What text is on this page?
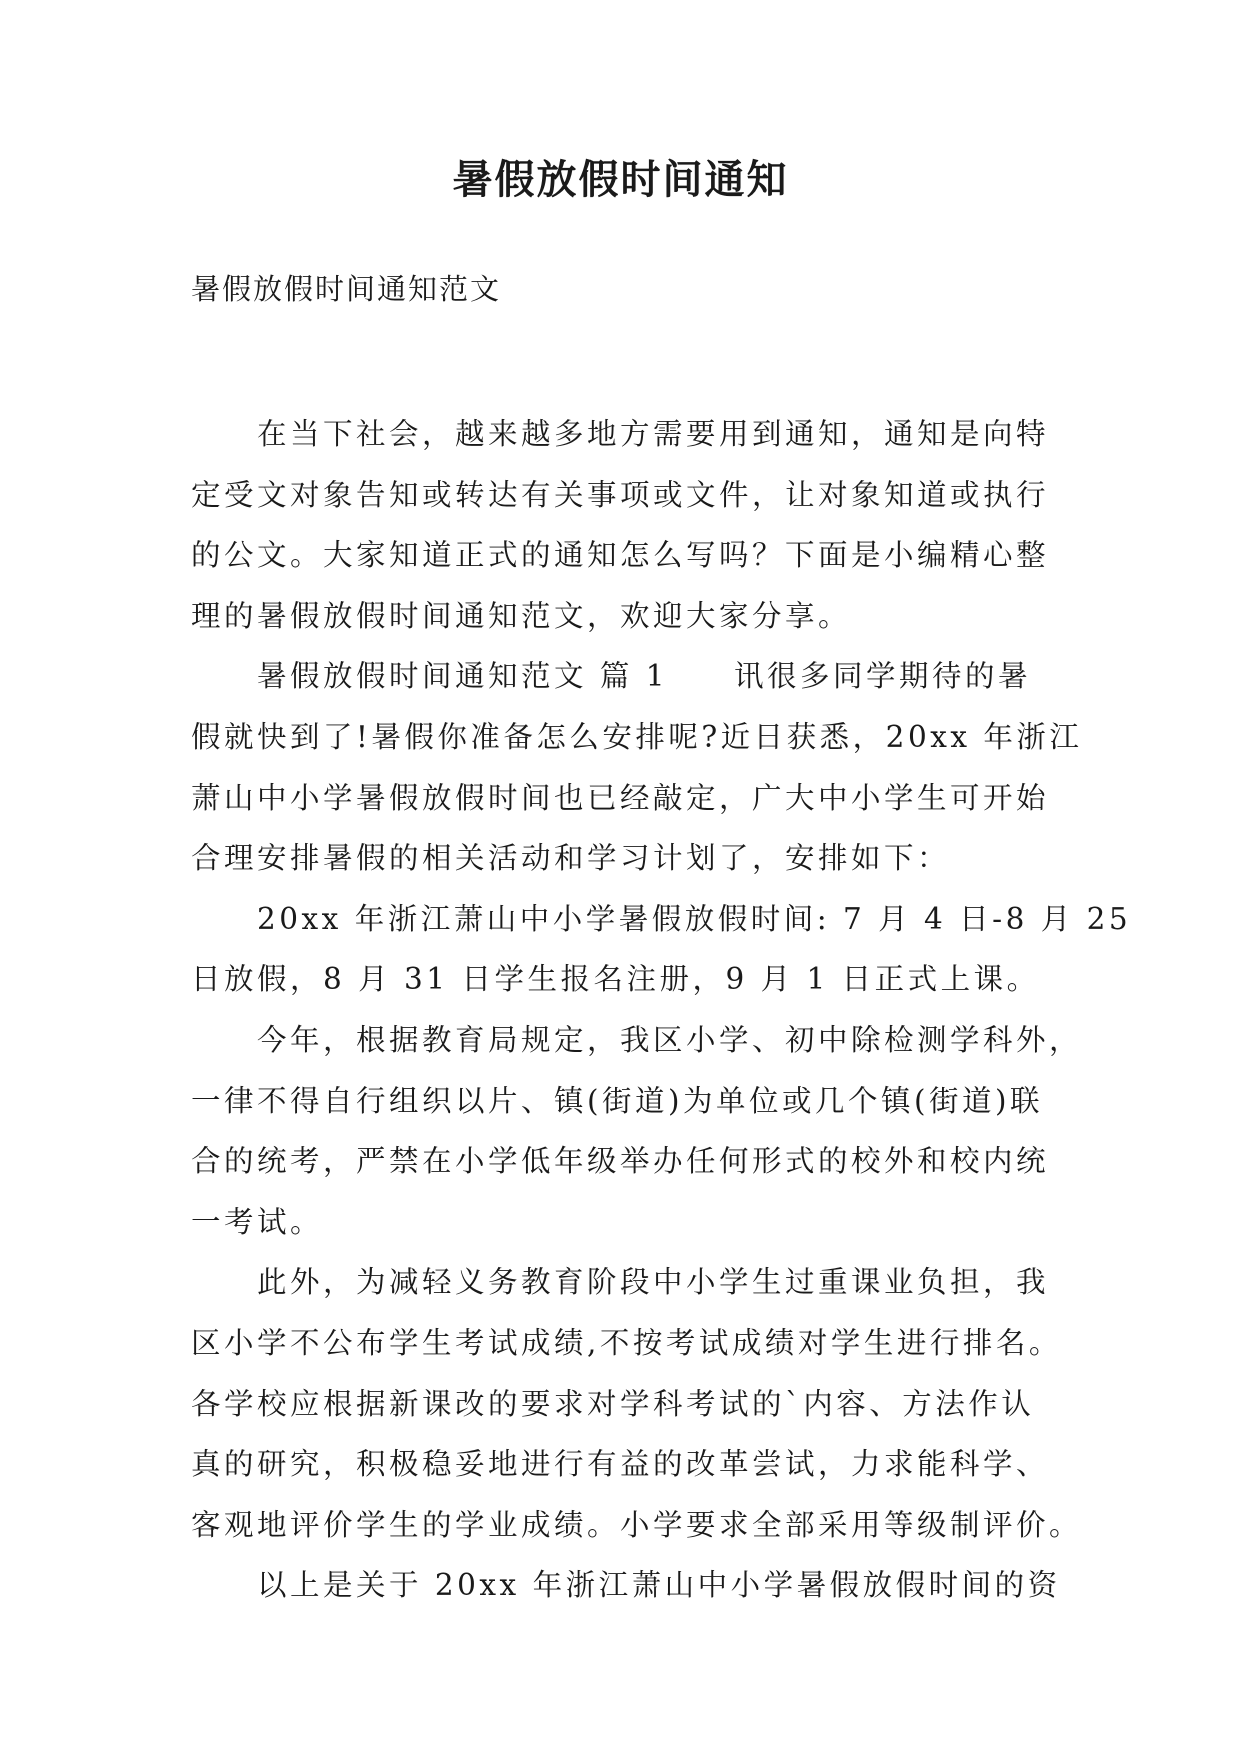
暑假放假时间通知
暑假放假时间通知范文
　　在当下社会，越来越多地方需要用到通知，通知是向特
定受文对象告知或转达有关事项或文件，让对象知道或执行
的公文。大家知道正式的通知怎么写吗？下面是小编精心整
理的暑假放假时间通知范文，欢迎大家分享。
　　暑假放假时间通知范文 篇 1　　讯很多同学期待的暑
假就快到了!暑假你准备怎么安排呢?近日获悉，20xx 年浙江
萧山中小学暑假放假时间也已经敲定，广大中小学生可开始
合理安排暑假的相关活动和学习计划了，安排如下：
　　20xx 年浙江萧山中小学暑假放假时间: 7 月 4 日-8 月 25
日放假，8 月 31 日学生报名注册，9 月 1 日正式上课。
　　今年，根据教育局规定，我区小学、初中除检测学科外，
一律不得自行组织以片、镇(街道)为单位或几个镇(街道)联
合的统考，严禁在小学低年级举办任何形式的校外和校内统
一考试。
　　此外，为减轻义务教育阶段中小学生过重课业负担，我
区小学不公布学生考试成绩,不按考试成绩对学生进行排名。
各学校应根据新课改的要求对学科考试的`内容、方法作认
真的研究，积极稳妥地进行有益的改革尝试，力求能科学、
客观地评价学生的学业成绩。小学要求全部采用等级制评价。
　　以上是关于 20xx 年浙江萧山中小学暑假放假时间的资
